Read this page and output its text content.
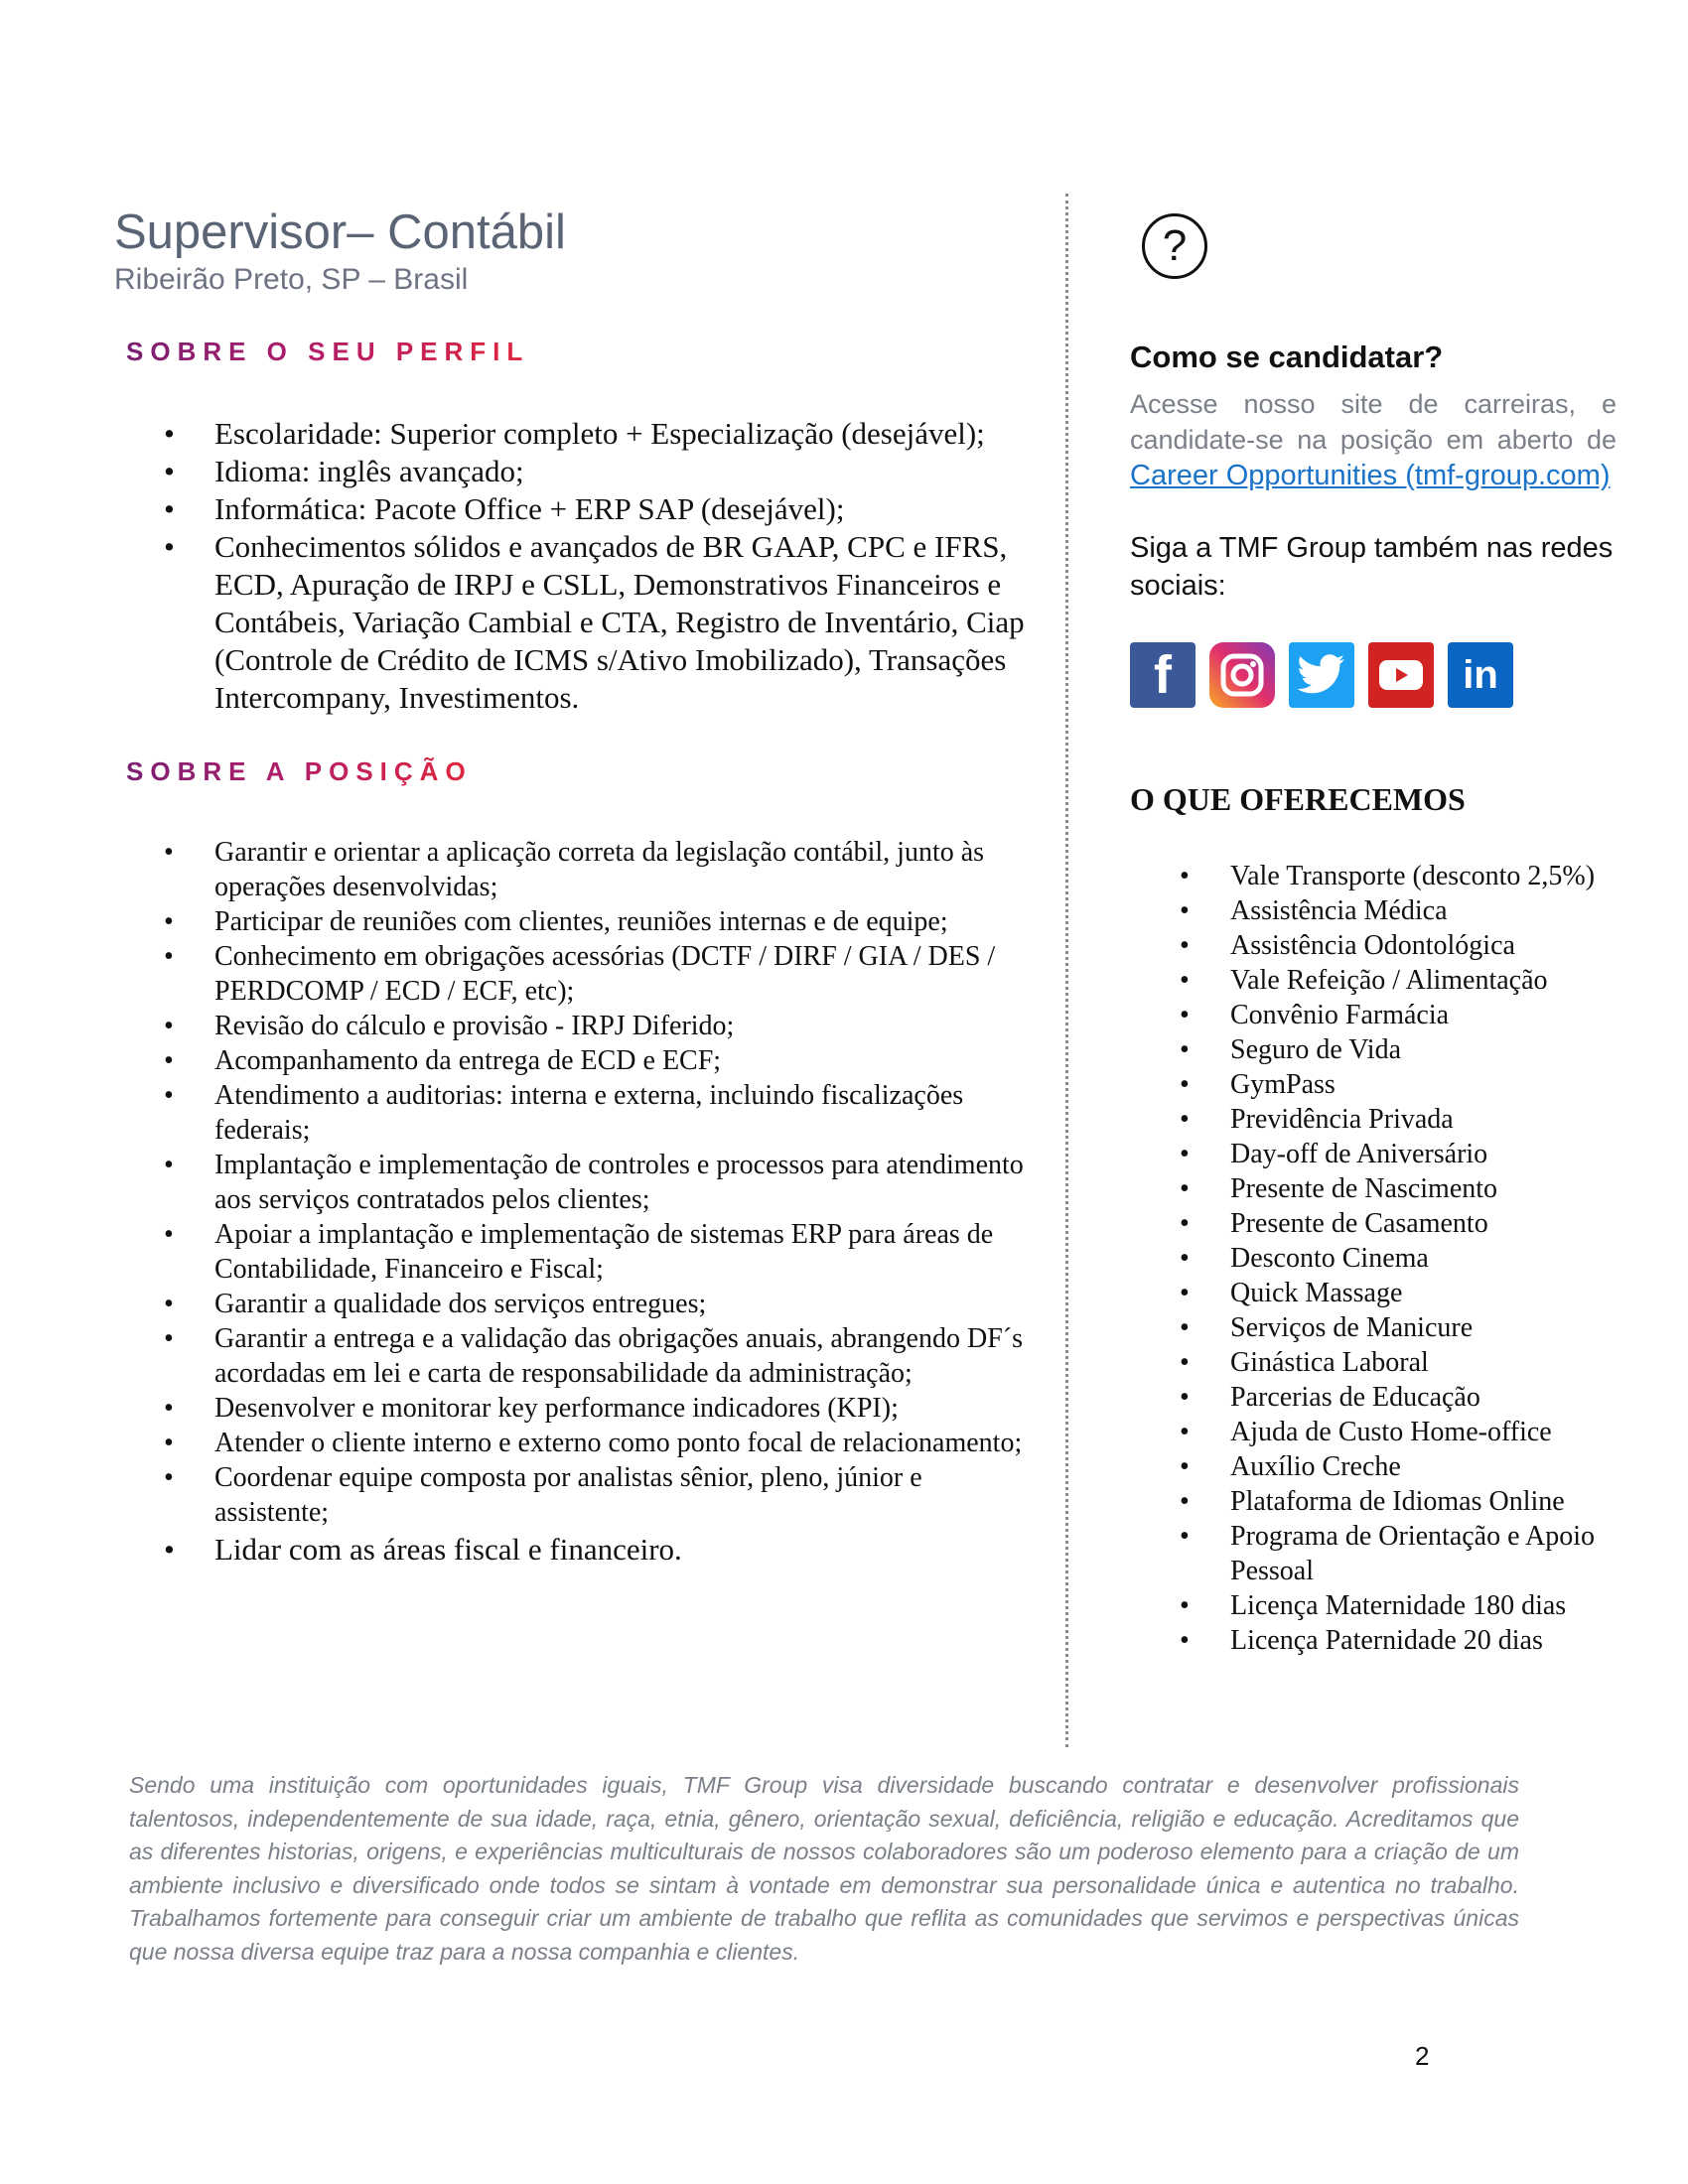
Supervisor– Contábil

Ribeirão Preto, SP – Brasil

SOBRE O SEU PERFIL
• Escolaridade: Superior completo + Especialização (desejável);
• Idioma: inglês avançado;
• Informática: Pacote Office + ERP SAP (desejável);
• Conhecimentos sólidos e avançados de BR GAAP, CPC e IFRS, ECD, Apuração de IRPJ e CSLL, Demonstrativos Financeiros e Contábeis, Variação Cambial e CTA, Registro de Inventário, Ciap (Controle de Crédito de ICMS s/Ativo Imobilizado), Transações Intercompany, Investimentos.
SOBRE A POSIÇÃO
• Garantir e orientar a aplicação correta da legislação contábil, junto às operações desenvolvidas;
• Participar de reuniões com clientes, reuniões internas e de equipe;
• Conhecimento em obrigações acessórias (DCTF / DIRF / GIA / DES / PERDCOMP / ECD / ECF, etc);
• Revisão do cálculo e provisão - IRPJ Diferido;
• Acompanhamento da entrega de ECD e ECF;
• Atendimento a auditorias: interna e externa, incluindo fiscalizações federais;
• Implantação e implementação de controles e processos para atendimento aos serviços contratados pelos clientes;
• Apoiar a implantação e implementação de sistemas ERP para áreas de Contabilidade, Financeiro e Fiscal;
• Garantir a qualidade dos serviços entregues;
• Garantir a entrega e a validação das obrigações anuais, abrangendo DF´s acordadas em lei e carta de responsabilidade da administração;
• Desenvolver e monitorar key performance indicadores (KPI);
• Atender o cliente interno e externo como ponto focal de relacionamento;
• Coordenar equipe composta por analistas sênior, pleno, júnior e assistente;
• Lidar com as áreas fiscal e financeiro.
?
Como se candidatar?

Acesse nosso site de carreiras, e candidate-se na posição em aberto de Career Opportunities (tmf-group.com)

Siga a TMF Group também nas redes sociais:

f	in
O QUE OFERECEMOS
• Vale Transporte (desconto 2,5%)
• Assistência Médica
• Assistência Odontológica
• Vale Refeição / Alimentação
• Convênio Farmácia
• Seguro de Vida
• GymPass
• Previdência Privada
• Day-off de Aniversário
• Presente de Nascimento
• Presente de Casamento
• Desconto Cinema
• Quick Massage
• Serviços de Manicure
• Ginástica Laboral
• Parcerias de Educação
• Ajuda de Custo Home-office
• Auxílio Creche
• Plataforma de Idiomas Online
• Programa de Orientação e Apoio Pessoal
• Licença Maternidade 180 dias
• Licença Paternidade 20 dias

Sendo uma instituição com oportunidades iguais, TMF Group visa diversidade buscando contratar e desenvolver profissionais talentosos, independentemente de sua idade, raça, etnia, gênero, orientação sexual, deficiência, religião e educação. Acreditamos que as diferentes historias, origens, e experiências multiculturais de nossos colaboradores são um poderoso elemento para a criação de um ambiente inclusivo e diversificado onde todos se sintam à vontade em demonstrar sua personalidade única e autentica no trabalho. Trabalhamos fortemente para conseguir criar um ambiente de trabalho que reflita as comunidades que servimos e perspectivas únicas que nossa diversa equipe traz para a nossa companhia e clientes.

2
